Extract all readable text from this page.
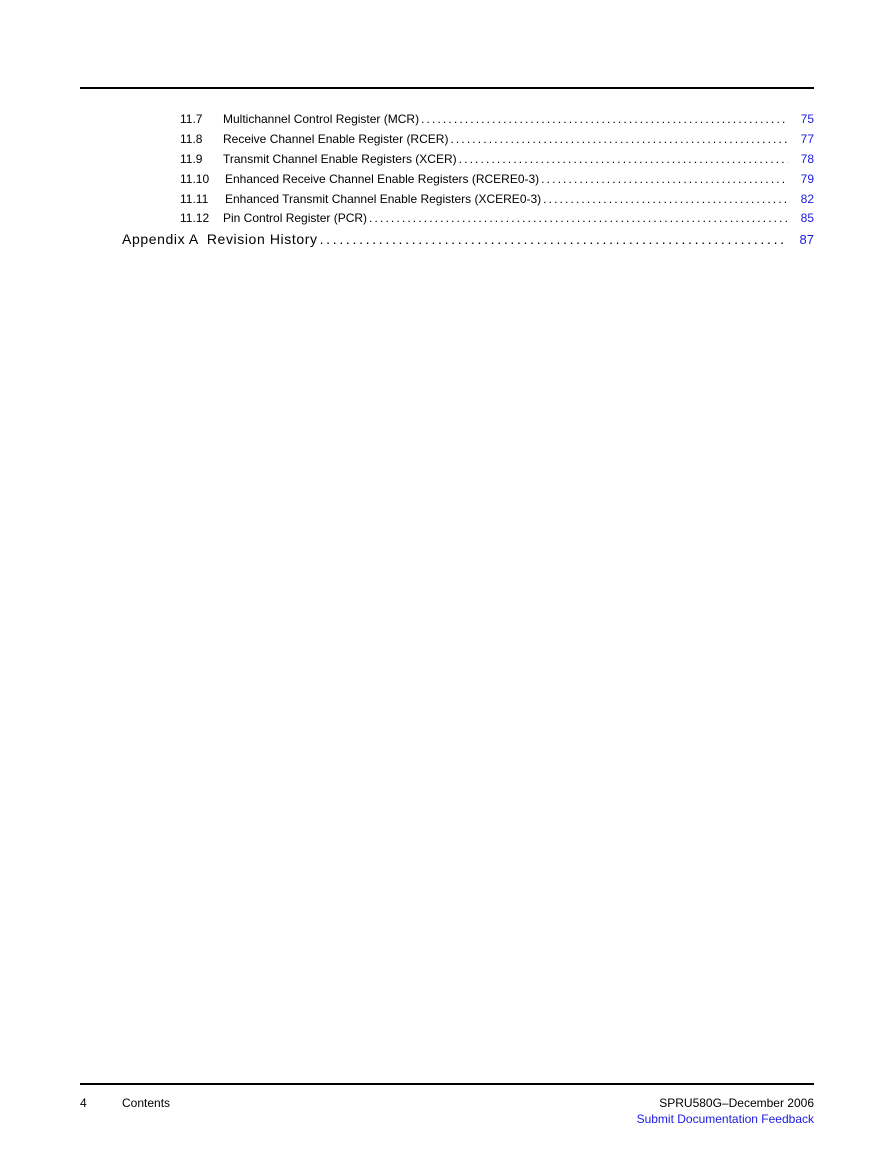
11.7	Multichannel Control Register (MCR) . . .	75
11.8	Receive Channel Enable Register (RCER) . . .	77
11.9	Transmit Channel Enable Registers (XCER) . . .	78
11.10	Enhanced Receive Channel Enable Registers (RCERE0-3) . . .	79
11.11	Enhanced Transmit Channel Enable Registers (XCERE0-3) . . .	82
11.12	Pin Control Register (PCR) . . .	85
Appendix A Revision History . . .	87
4	Contents	SPRU580G–December 2006
Submit Documentation Feedback
